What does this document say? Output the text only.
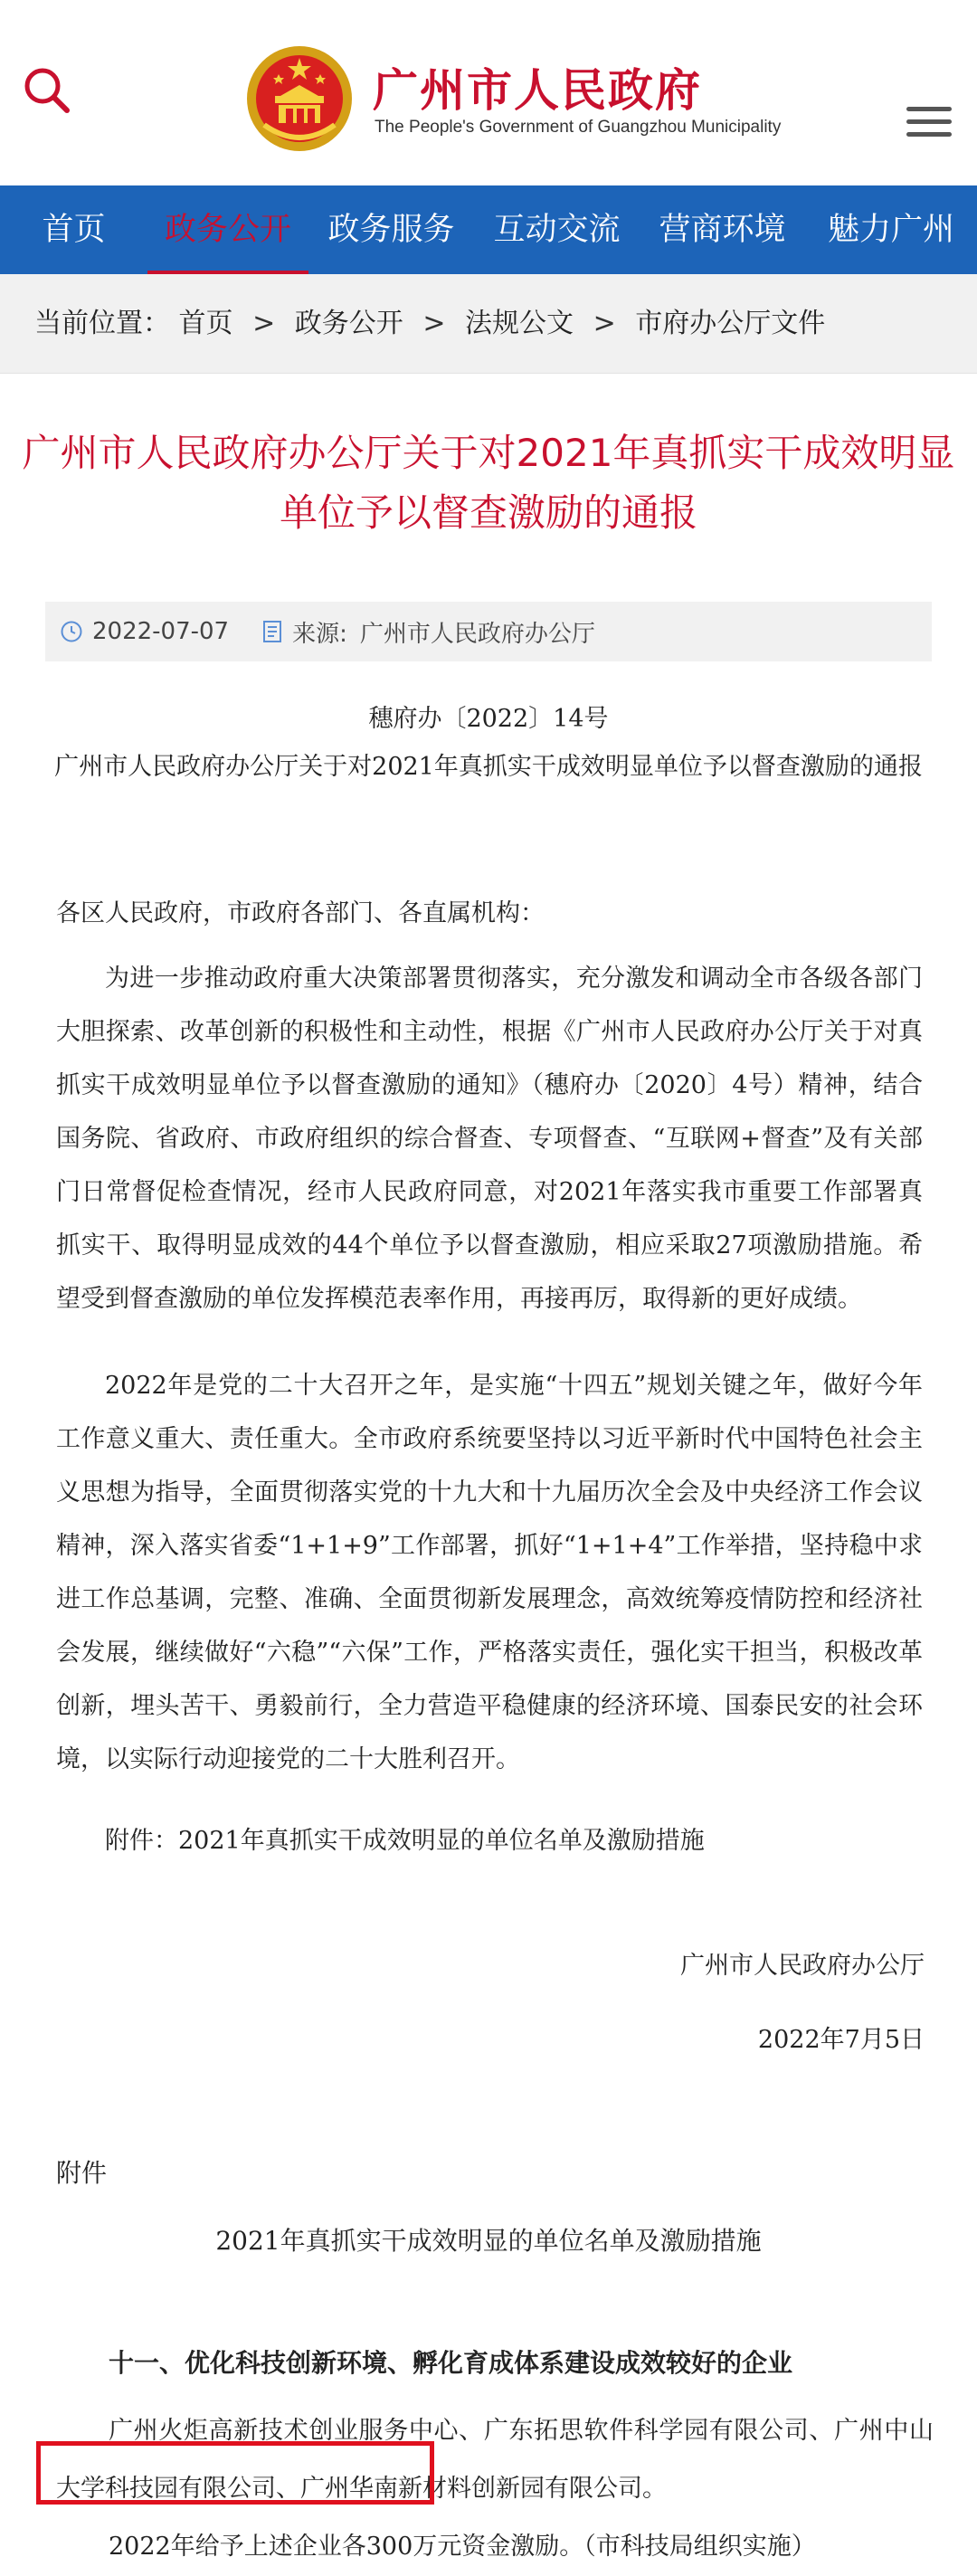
广州市人民政府
The People's Government of Guangzhou Municipality
首页	政务公开	政务服务	互动交流	营商环境	魅力广州
当前位置： 首页 > 政务公开 > 法规公文 > 市府办公厅文件
广州市人民政府办公厅关于对2021年真抓实干成效明显单位予以督查激励的通报
2022-07-07	来源: 广州市人民政府办公厅
穗府办〔2022〕14号
广州市人民政府办公厅关于对2021年真抓实干成效明显单位予以督查激励的通报
各区人民政府，市政府各部门、各直属机构：
为进一步推动政府重大决策部署贯彻落实，充分激发和调动全市各级各部门大胆探索、改革创新的积极性和主动性，根据《广州市人民政府办公厅关于对真抓实干成效明显单位予以督查激励的通知》（穗府办〔2020〕4号）精神，结合国务院、省政府、市政府组织的综合督查、专项督查、“互联网+督查”及有关部门日常督促检查情况，经市人民政府同意，对2021年落实我市重要工作部署真抓实干、取得明显成效的44个单位予以督查激励，相应采取27项激励措施。希望受到督查激励的单位发挥模范表率作用，再接再厉，取得新的更好成绩。
2022年是党的二十大召开之年，是实施“十四五”规划关键之年，做好今年工作意义重大、责任重大。全市政府系统要坚持以习近平新时代中国特色社会主义思想为指导，全面贯彻落实党的十九大和十九届历次全会及中央经济工作会议精神，深入落实省委“1+1+9”工作部署，抓好“1+1+4”工作举措，坚持稳中求进工作总基调，完整、准确、全面贯彻新发展理念，高效统筹疫情防控和经济社会发展，继续做好“六稳”“六保”工作，严格落实责任，强化实干担当，积极改革创新，埋头苦干、勇毅前行，全力营造平稳健康的经济环境、国泰民安的社会环境，以实际行动迎接党的二十大胜利召开。
附件：2021年真抓实干成效明显的单位名单及激励措施
广州市人民政府办公厅
2022年7月5日
附件
2021年真抓实干成效明显的单位名单及激励措施
十一、优化科技创新环境、孵化育成体系建设成效较好的企业
广州火炬高新技术创业服务中心、广东拓思软件科学园有限公司、广州中山大学科技园有限公司、广州华南新材料创新园有限公司。
2022年给予上述企业各300万元资金激励。（市科技局组织实施）
